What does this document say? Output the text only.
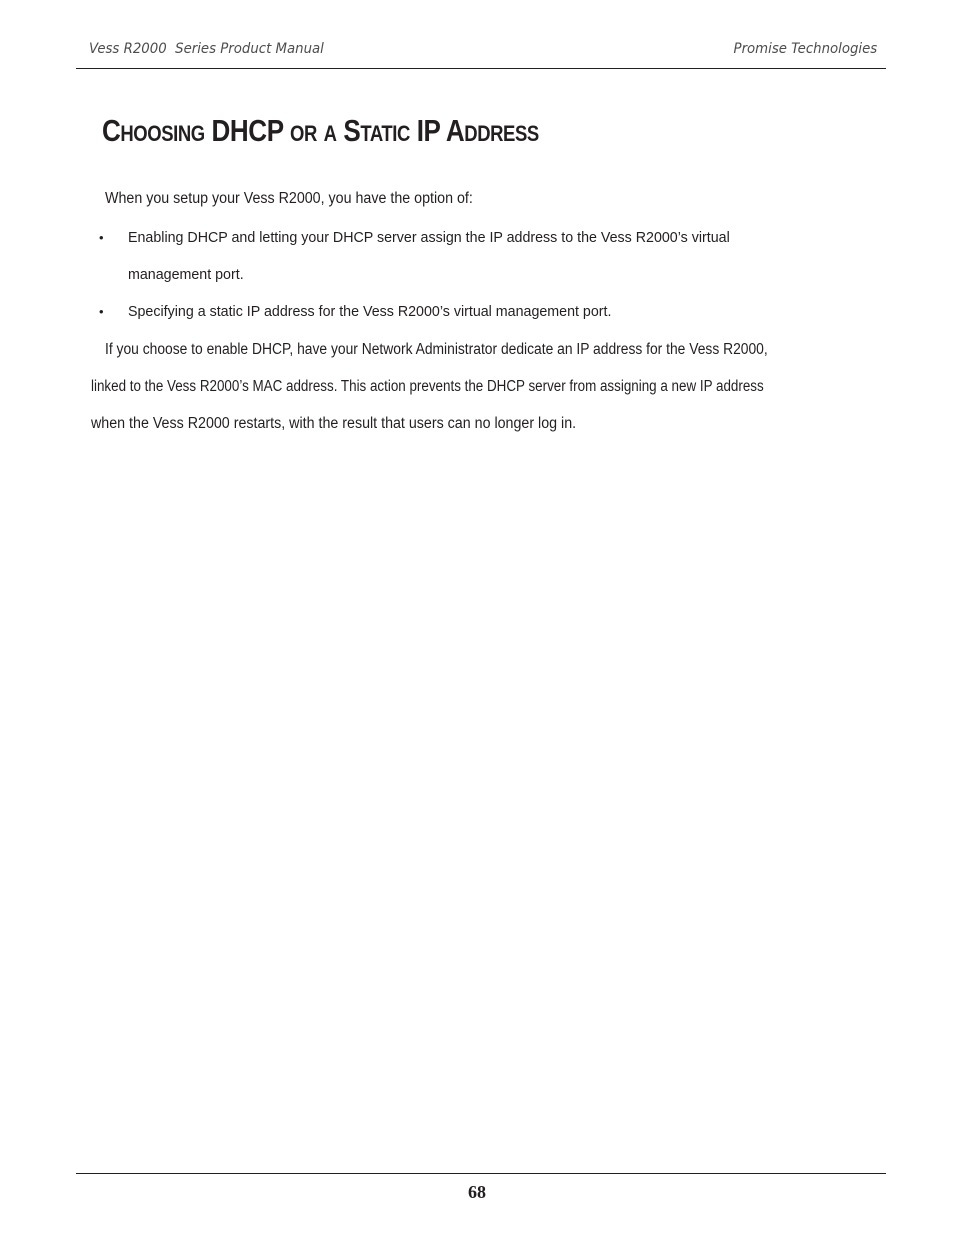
Vess R2000  Series Product Manual	Promise Technologies
Choosing DHCP or a Static IP Address
When you setup your Vess R2000, you have the option of:
• Enabling DHCP and letting your DHCP server assign the IP address to the Vess R2000’s virtual
management port.
• Specifying a static IP address for the Vess R2000’s virtual management port.
If you choose to enable DHCP, have your Network Administrator dedicate an IP address for the Vess R2000,
linked to the Vess R2000’s MAC address. This action prevents the DHCP server from assigning a new IP address
when the Vess R2000 restarts, with the result that users can no longer log in.
68
